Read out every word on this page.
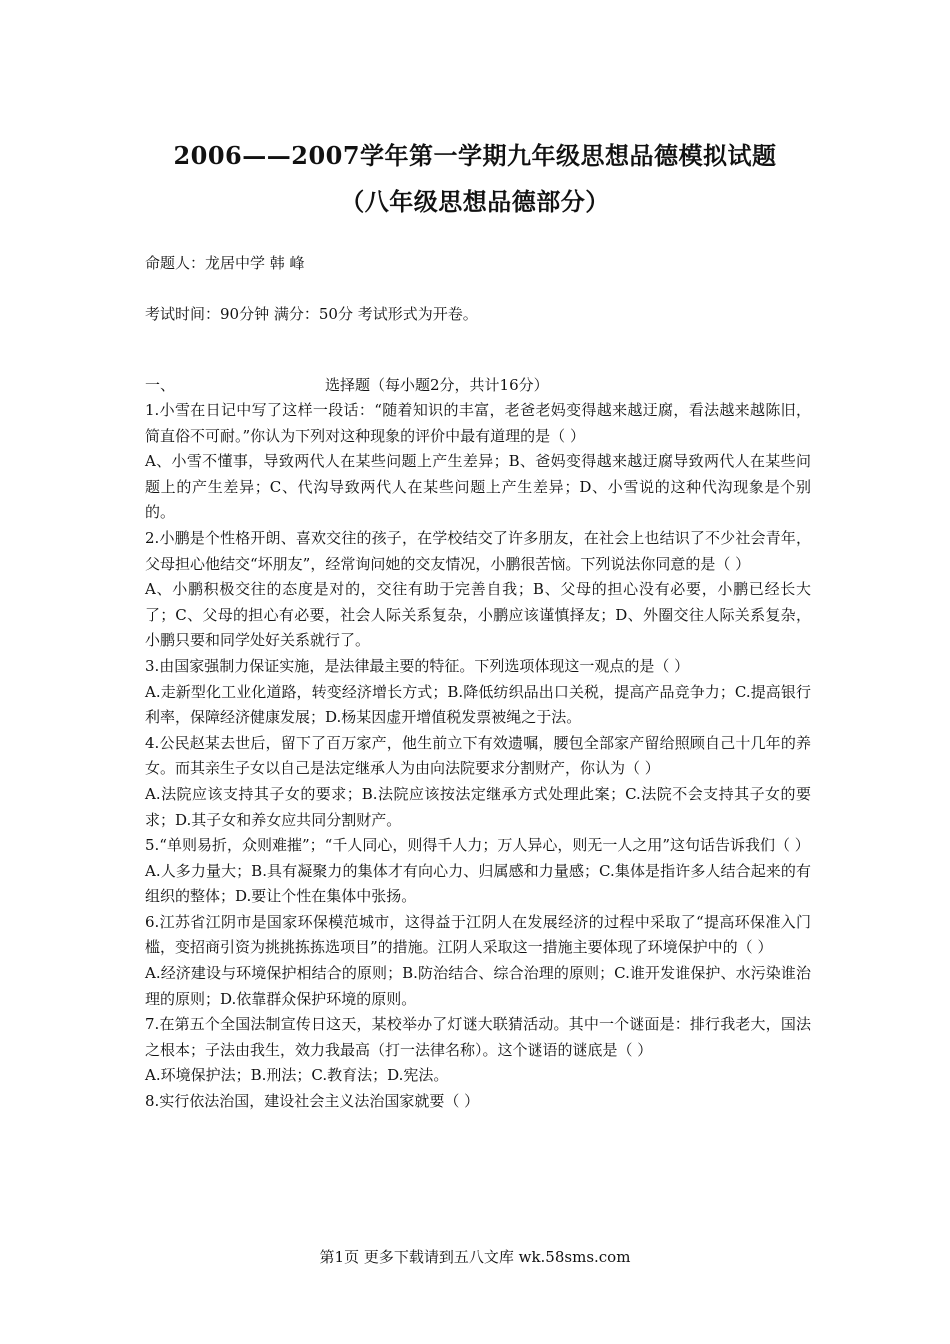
2006——2007学年第一学期九年级思想品德模拟试题
（八年级思想品德部分）
命题人：龙居中学 韩 峰
考试时间：90分钟 满分：50分 考试形式为开卷。
一、	选择题（每小题2分，共计16分）

1.小雪在日记中写了这样一段话：“随着知识的丰富，老爸老妈变得越来越迂腐，看法越来越陈旧，简直俗不可耐。”你认为下列对这种现象的评价中最有道理的是（ ）

A、小雪不懂事，导致两代人在某些问题上产生差异；B、爸妈变得越来越迂腐导致两代人在某些问题上的产生差异；C、代沟导致两代人在某些问题上产生差异；D、小雪说的这种代沟现象是个别的。

2.小鹏是个性格开朗、喜欢交往的孩子，在学校结交了许多朋友，在社会上也结识了不少社会青年，父母担心他结交“坏朋友”，经常询问她的交友情况，小鹏很苦恼。下列说法你同意的是（ ）

A、小鹏积极交往的态度是对的，交往有助于完善自我；B、父母的担心没有必要，小鹏已经长大了；C、父母的担心有必要，社会人际关系复杂，小鹏应该谨慎择友；D、外圈交往人际关系复杂，小鹏只要和同学处好关系就行了。

3.由国家强制力保证实施，是法律最主要的特征。下列选项体现这一观点的是（ ）

A.走新型化工业化道路，转变经济增长方式；B.降低纺织品出口关税，提高产品竞争力；C.提高银行利率，保障经济健康发展；D.杨某因虚开增值税发票被绳之于法。

4.公民赵某去世后，留下了百万家产，他生前立下有效遗嘱，腰包全部家产留给照顾自己十几年的养女。而其亲生子女以自己是法定继承人为由向法院要求分割财产，你认为（ ）

A.法院应该支持其子女的要求；B.法院应该按法定继承方式处理此案；C.法院不会支持其子女的要求；D.其子女和养女应共同分割财产。

5.“单则易折，众则难摧”；“千人同心，则得千人力；万人异心，则无一人之用”这句话告诉我们（ ）

A.人多力量大；B.具有凝聚力的集体才有向心力、归属感和力量感；C.集体是指许多人结合起来的有组织的整体；D.要让个性在集体中张扬。

6.江苏省江阴市是国家环保模范城市，这得益于江阴人在发展经济的过程中采取了“提高环保准入门槛，变招商引资为挑挑拣拣选项目”的措施。江阴人采取这一措施主要体现了环境保护中的（ ）

A.经济建设与环境保护相结合的原则；B.防治结合、综合治理的原则；C.谁开发谁保护、水污染谁治理的原则；D.依靠群众保护环境的原则。

7.在第五个全国法制宣传日这天，某校举办了灯谜大联猜活动。其中一个谜面是：排行我老大，国法之根本；子法由我生，效力我最高（打一法律名称）。这个谜语的谜底是（ ）

A.环境保护法；B.刑法；C.教育法；D.宪法。

8.实行依法治国，建设社会主义法治国家就要（ ）

第1页 更多下载请到五八文库 wk.58sms.com
